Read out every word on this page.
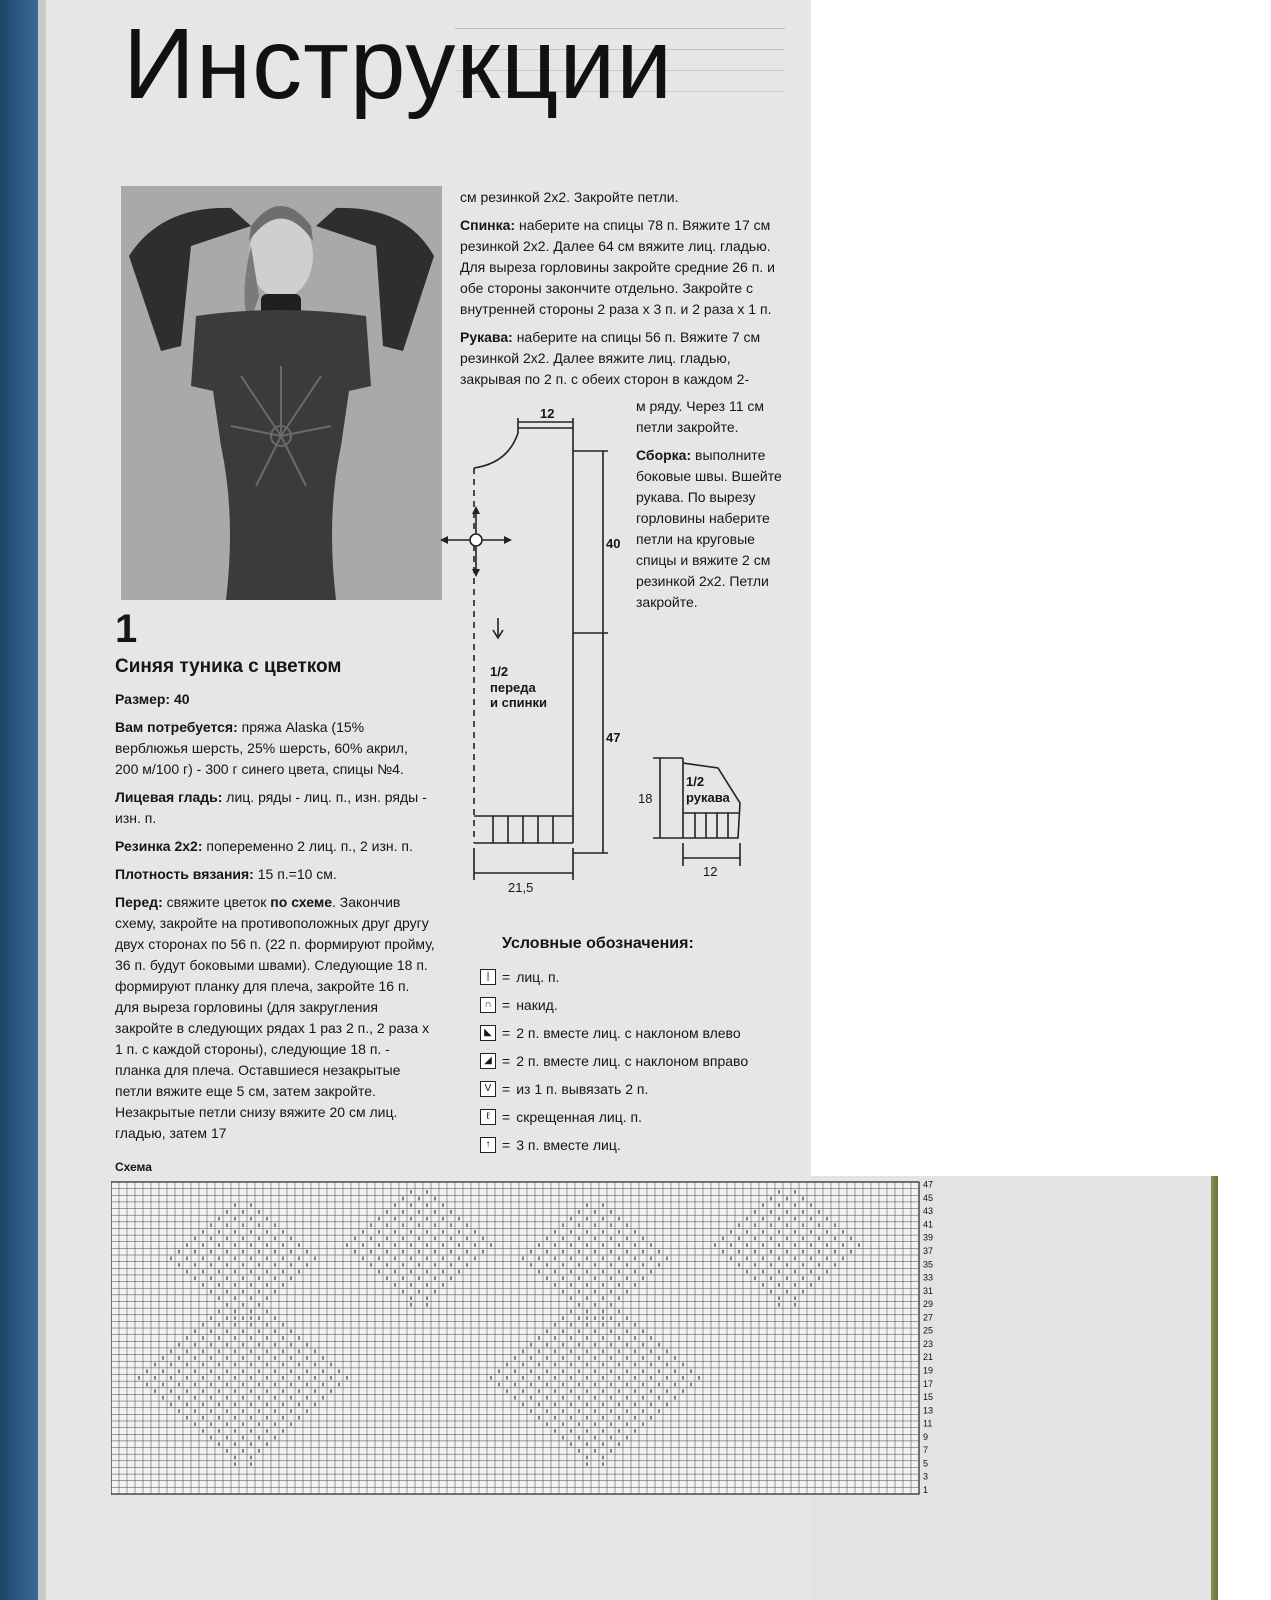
Инструкции
1

Синяя туника с цветком

Размер: 40

Вам потребуется: пряжа Alaska (15% верблюжья шерсть, 25% шерсть, 60% акрил, 200 м/100 г) - 300 г синего цвета, спицы №4.

Лицевая гладь: лиц. ряды - лиц. п., изн. ряды - изн. п.

Резинка 2х2: попеременно 2 лиц. п., 2 изн. п.

Плотность вязания: 15 п.=10 см.

Перед: свяжите цветок по схеме. Закончив схему, закройте на противоположных друг другу двух сторонах по 56 п. (22 п. формируют пройму, 36 п. будут боковыми швами). Следующие 18 п. формируют планку для плеча, закройте 16 п. для выреза горловины (для закругления закройте в следующих рядах 1 раз 2 п., 2 раза х 1 п. с каждой стороны), следующие 18 п. - планка для плеча. Оставшиеся незакрытые петли вяжите еще 5 см, затем закройте. Незакрытые петли снизу вяжите 20 см лиц. гладью, затем 17

см резинкой 2х2. Закройте петли.

Спинка: наберите на спицы 78 п. Вяжите 17 см резинкой 2х2. Далее 64 см вяжите лиц. гладью. Для выреза горловины закройте средние 26 п. и обе стороны закончите отдельно. Закройте с внутренней стороны 2 раза х 3 п. и 2 раза х 1 п.

Рукава: наберите на спицы 56 п. Вяжите 7 см резинкой 2х2. Далее вяжите лиц. гладью, закрывая по 2 п. с обеих сторон в каждом 2-

м ряду. Через 11 см петли закройте.

Сборка: выполните боковые швы. Вшейте рукава. По вырезу горловины наберите петли на круговые спицы и вяжите 2 см резинкой 2х2. Петли закройте.

12
40
47
21,5
1/2
переда
и спинки
1/2
рукава
18
12
Условные обозначения:
| = лиц. п.
∩ = накид.
◣ = 2 п. вместе лиц. с наклоном влево
◢ = 2 п. вместе лиц. с наклоном вправо
V = из 1 п. вывязать 2 п.
ℓ = скрещенная лиц. п.
↑ = 3 п. вместе лиц.
Схема
47
45
43
41
39
37
35
33
31
29
27
25
23
21
19
17
15
13
11
9
7
5
3
1
